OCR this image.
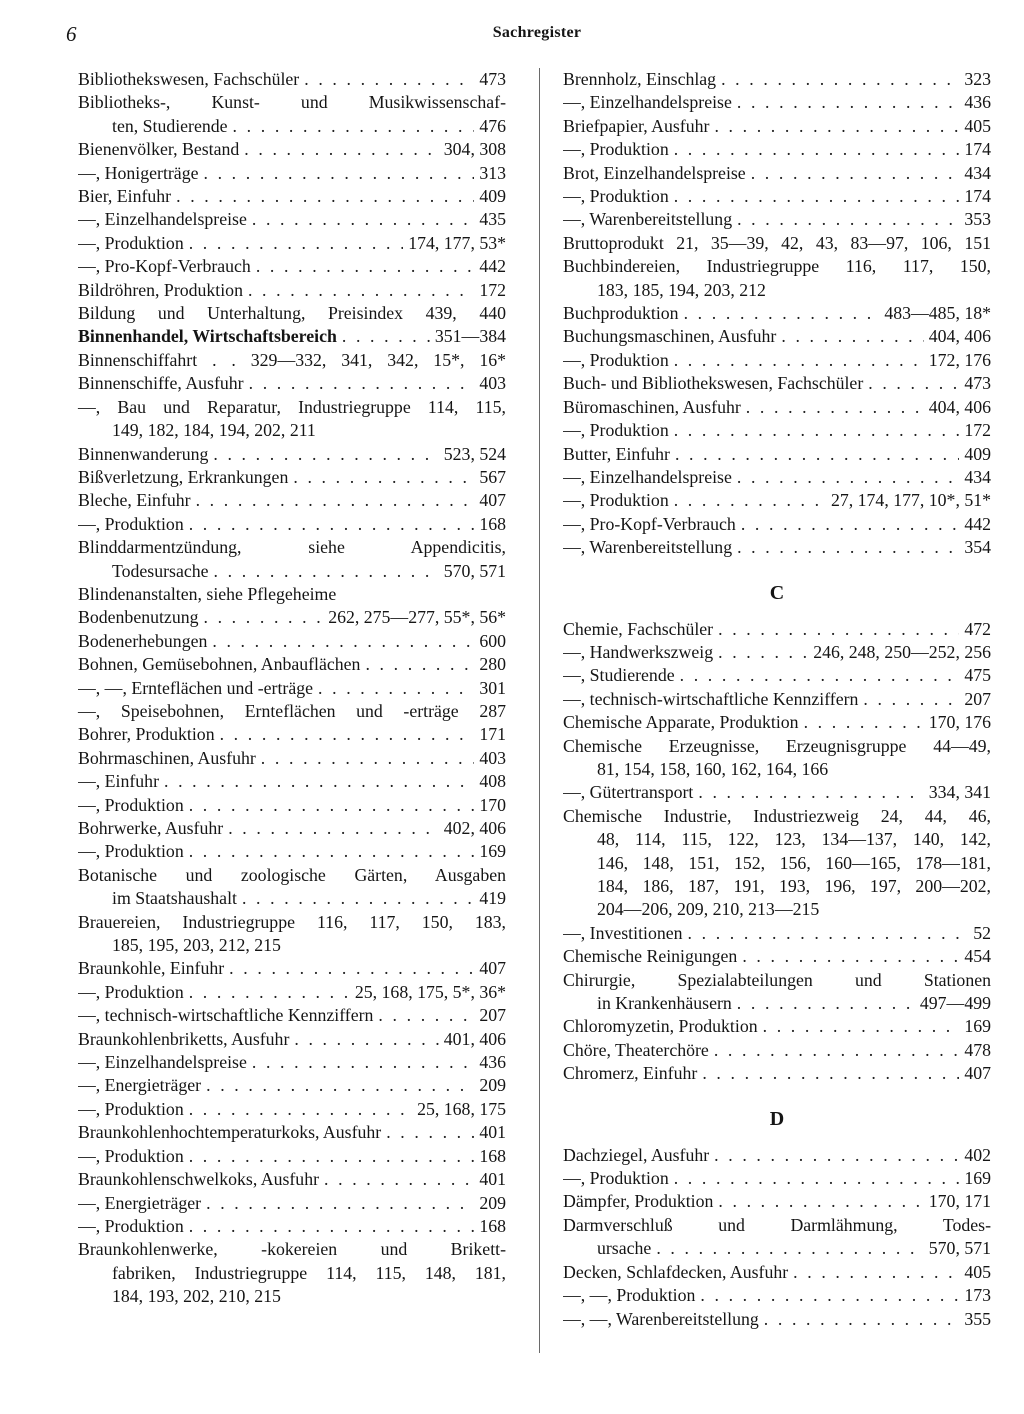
6	Sachregister
Bibliothekswesen, Fachschüler . . .	473
Bibliotheks-, Kunst- und Musikwissenschaf-
ten, Studierende . . .	476
Bienenvölker, Bestand . . .	304, 308
—, Honigerträge . . .	313
Bier, Einfuhr . . .	409
—, Einzelhandelspreise . . .	435
—, Produktion . . .	174, 177, 53*
—, Pro-Kopf-Verbrauch . . .	442
Bildröhren, Produktion . . .	172
Bildung und Unterhaltung, Preisindex 439, 440
Binnenhandel, Wirtschaftsbereich . . .	351—384
Binnenschiffahrt . . 329—332, 341, 342, 15*, 16*
Binnenschiffe, Ausfuhr . . .	403
—, Bau und Reparatur, Industriegruppe 114, 115,
149, 182, 184, 194, 202, 211
Binnenwanderung . . .	523, 524
Bißverletzung, Erkrankungen . . .	567
Bleche, Einfuhr . . .	407
—, Produktion . . .	168
Blinddarmentzündung, siehe Appendicitis,
Todesursache . . .	570, 571
Blindenanstalten, siehe Pflegeheime
Bodenbenutzung . . .	262, 275—277, 55*, 56*
Bodenerhebungen . . .	600
Bohnen, Gemüsebohnen, Anbauflächen . . .	280
—, —, Ernteflächen und -erträge . . .	301
—, Speisebohnen, Ernteflächen und -erträge 287
Bohrer, Produktion . . .	171
Bohrmaschinen, Ausfuhr . . .	403
—, Einfuhr . . .	408
—, Produktion . . .	170
Bohrwerke, Ausfuhr . . .	402, 406
—, Produktion . . .	169
Botanische und zoologische Gärten, Ausgaben
im Staatshaushalt . . .	419
Brauereien, Industriegruppe 116, 117, 150, 183,
185, 195, 203, 212, 215
Braunkohle, Einfuhr . . .	407
—, Produktion . . .	25, 168, 175, 5*, 36*
—, technisch-wirtschaftliche Kennziffern . . .	207
Braunkohlenbriketts, Ausfuhr . . .	401, 406
—, Einzelhandelspreise . . .	436
—, Energieträger . . .	209
—, Produktion . . .	25, 168, 175
Braunkohlenhochtemperaturkoks, Ausfuhr . . .	401
—, Produktion . . .	168
Braunkohlenschwelkoks, Ausfuhr . . .	401
—, Energieträger . . .	209
—, Produktion . . .	168
Braunkohlenwerke, -kokereien und Brikett-
fabriken, Industriegruppe 114, 115, 148, 181,
184, 193, 202, 210, 215
Brennholz, Einschlag . . .	323
—, Einzelhandelspreise . . .	436
Briefpapier, Ausfuhr . . .	405
—, Produktion . . .	174
Brot, Einzelhandelspreise . . .	434
—, Produktion . . .	174
—, Warenbereitstellung . . .	353
Bruttoprodukt 21, 35—39, 42, 43, 83—97, 106, 151
Buchbindereien, Industriegruppe 116, 117, 150,
183, 185, 194, 203, 212
Buchproduktion . . .	483—485, 18*
Buchungsmaschinen, Ausfuhr . . .	404, 406
—, Produktion . . .	172, 176
Buch- und Bibliothekswesen, Fachschüler . . .	473
Büromaschinen, Ausfuhr . . .	404, 406
—, Produktion . . .	172
Butter, Einfuhr . . .	409
—, Einzelhandelspreise . . .	434
—, Produktion . . .	27, 174, 177, 10*, 51*
—, Pro-Kopf-Verbrauch . . .	442
—, Warenbereitstellung . . .	354
C
Chemie, Fachschüler . . .	472
—, Handwerkszweig . . .	246, 248, 250—252, 256
—, Studierende . . .	475
—, technisch-wirtschaftliche Kennziffern . . .	207
Chemische Apparate, Produktion . . .	170, 176
Chemische Erzeugnisse, Erzeugnisgruppe 44—49,
81, 154, 158, 160, 162, 164, 166
—, Gütertransport . . .	334, 341
Chemische Industrie, Industriezweig 24, 44, 46,
48, 114, 115, 122, 123, 134—137, 140, 142,
146, 148, 151, 152, 156, 160—165, 178—181,
184, 186, 187, 191, 193, 196, 197, 200—202,
204—206, 209, 210, 213—215
—, Investitionen . . .	52
Chemische Reinigungen . . .	454
Chirurgie, Spezialabteilungen und Stationen
in Krankenhäusern . . .	497—499
Chloromyzetin, Produktion . . .	169
Chöre, Theaterchöre . . .	478
Chromerz, Einfuhr . . .	407
D
Dachziegel, Ausfuhr . . .	402
—, Produktion . . .	169
Dämpfer, Produktion . . .	170, 171
Darmverschluß und Darmlähmung, Todes-
ursache . . .	570, 571
Decken, Schlafdecken, Ausfuhr . . .	405
—, —, Produktion . . .	173
—, —, Warenbereitstellung . . .	355
